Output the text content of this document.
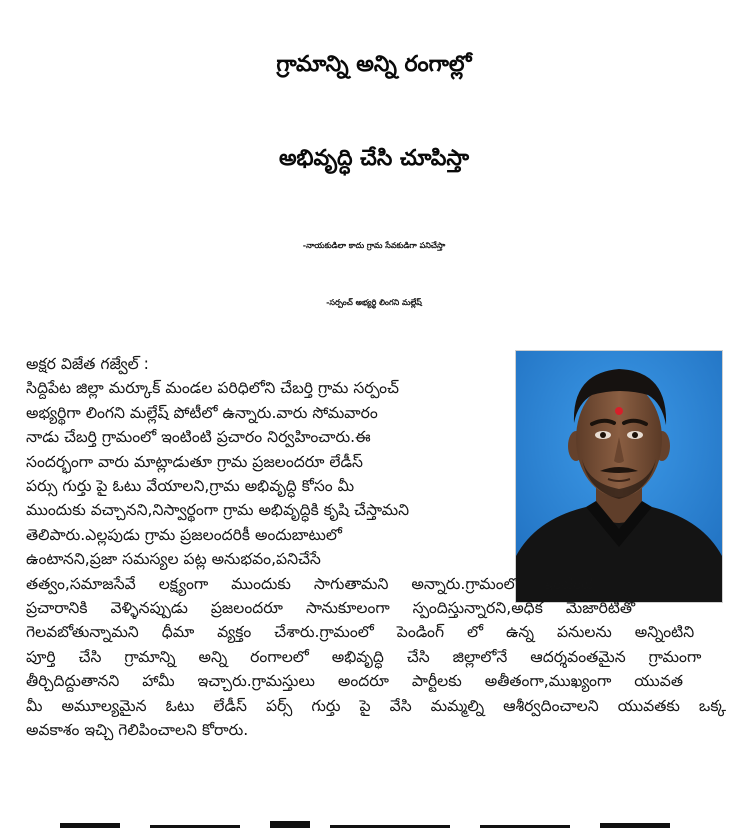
గ్రామాన్ని అన్ని రంగాల్లో
అభివృద్ధి చేసి చూపిస్తా
-నాయకుడిలా కాదు గ్రామ సేవకుడిగా పనిచేస్తా
-సర్పంచ్ అభ్యర్థి లింగని మల్లేష్

అక్షర విజేత గజ్వేల్ :

సిద్దిపేట జిల్లా మర్కూక్ మండల పరిధిలోని చేబర్తి గ్రామ సర్పంచ్

అభ్యర్థిగా లింగని మల్లేష్ పోటీలో ఉన్నారు.వారు సోమవారం

నాడు చేబర్తి గ్రామంలో ఇంటింటి ప్రచారం నిర్వహించారు.ఈ

సందర్భంగా వారు మాట్లాడుతూ గ్రామ ప్రజలందరూ లేడీస్

పర్సు గుర్తు పై ఓటు వేయాలని,గ్రామ అభివృద్ధి కోసం మీ

ముందుకు వచ్చానని,నిస్వార్థంగా గ్రామ అభివృద్ధికి కృషి చేస్తామని

తెలిపారు.ఎల్లపుడు గ్రామ ప్రజలందరికీ అందుబాటులో

ఉంటానని,ప్రజా సమస్యల పట్ల అనుభవం,పనిచేసే

తత్వం,సమాజసేవే లక్ష్యంగా ముందుకు సాగుతామని అన్నారు.గ్రామంలో ఇంటింటి

ప్రచారానికి వెళ్ళినప్పుడు ప్రజలందరూ సానుకూలంగా స్పందిస్తున్నారని,అధిక మెజారిటీతో

గెలవబోతున్నామని ధీమా వ్యక్తం చేశారు.గ్రామంలో పెండింగ్ లో ఉన్న పనులను అన్నింటిని

పూర్తి చేసి గ్రామాన్ని అన్ని రంగాలలో అభివృద్ధి చేసి జిల్లాలోనే ఆదర్శవంతమైన గ్రామంగా

తీర్చిదిద్దుతానని హామీ ఇచ్చారు.గ్రామస్తులు అందరూ పార్టీలకు అతీతంగా,ముఖ్యంగా యువత

మీ అమూల్యమైన ఓటు లేడీస్ పర్స్ గుర్తు పై వేసి మమ్మల్ని ఆశీర్వదించాలని యువతకు ఒక్క

అవకాశం ఇచ్చి గెలిపించాలని కోరారు.
